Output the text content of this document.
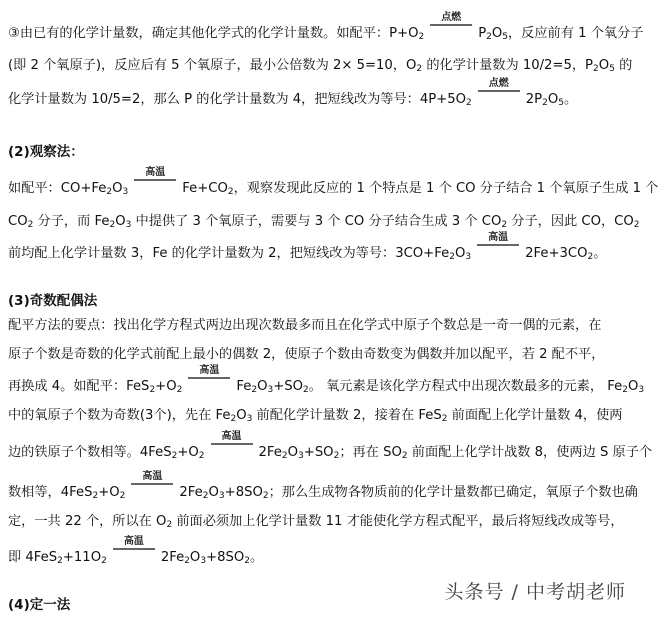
③由已有的化学计量数，确定其他化学式的化学计量数。如配平：$P+O_2$
点燃
$P_2O_5$，反应前有 1 个氧分子
(即 2 个氧原子)，反应后有 5 个氧原子，最小公倍数为 2× 5=10，$O_2$ 的化学计量数为 10/2=5，$P_2O_5$ 的
化学计量数为 10/5=2，那么 P 的化学计量数为 4，把短线改为等号：$4P+5O_2$
点燃
$2P_2O_5$。
(2)观察法：
如配平：$CO+Fe_2O_3$
高温
$Fe+CO_2$，观察发现此反应的 1 个特点是 1 个 CO 分子结合 1 个氧原子生成 1 个
$CO_2$ 分子，而 $Fe_2O_3$ 中提供了 3 个氧原子，需要与 3 个 CO 分子结合生成 3 个 $CO_2$ 分子，因此 CO，$CO_2$
前均配上化学计量数 3，Fe 的化学计量数为 2，把短线改为等号：$3CO+Fe_2O_3$
高温
$2Fe+3CO_2$。
(3)奇数配偶法
配平方法的要点：找出化学方程式两边出现次数最多而且在化学式中原子个数总是一奇一偶的元素，在
原子个数是奇数的化学式前配上最小的偶数 2，使原子个数由奇数变为偶数并加以配平，若 2 配不平，
再换成 4。如配平：$FeS_2+O_2$
高温
$Fe_2O_3+SO_2$。 氧元素是该化学方程式中出现次数最多的元素， $Fe_2O_3$
中的氧原子个数为奇数(3个)，先在 $Fe_2O_3$ 前配化学计量数 2，接着在 FeS$_2$ 前面配上化学计量数 4，使两
边的铁原子个数相等。$4FeS_2+O_2$
高温
$2Fe_2O_3+SO_2$；再在 $SO_2$ 前面配上化学计战数 8，使两边 S 原子个
数相等，$4FeS_2+O_2$
高温
$2Fe_2O_3+8SO_2$；那么生成物各物质前的化学计量数都已确定，氧原子个数也确
定，一共 22 个，所以在 $O_2$ 前面必须加上化学计量数 11 才能使化学方程式配平，最后将短线改成等号，
即 $4FeS_2+11O_2$
高温
$2Fe_2O_3+8SO_2$。
(4)定一法
头条号 / 中考胡老师
